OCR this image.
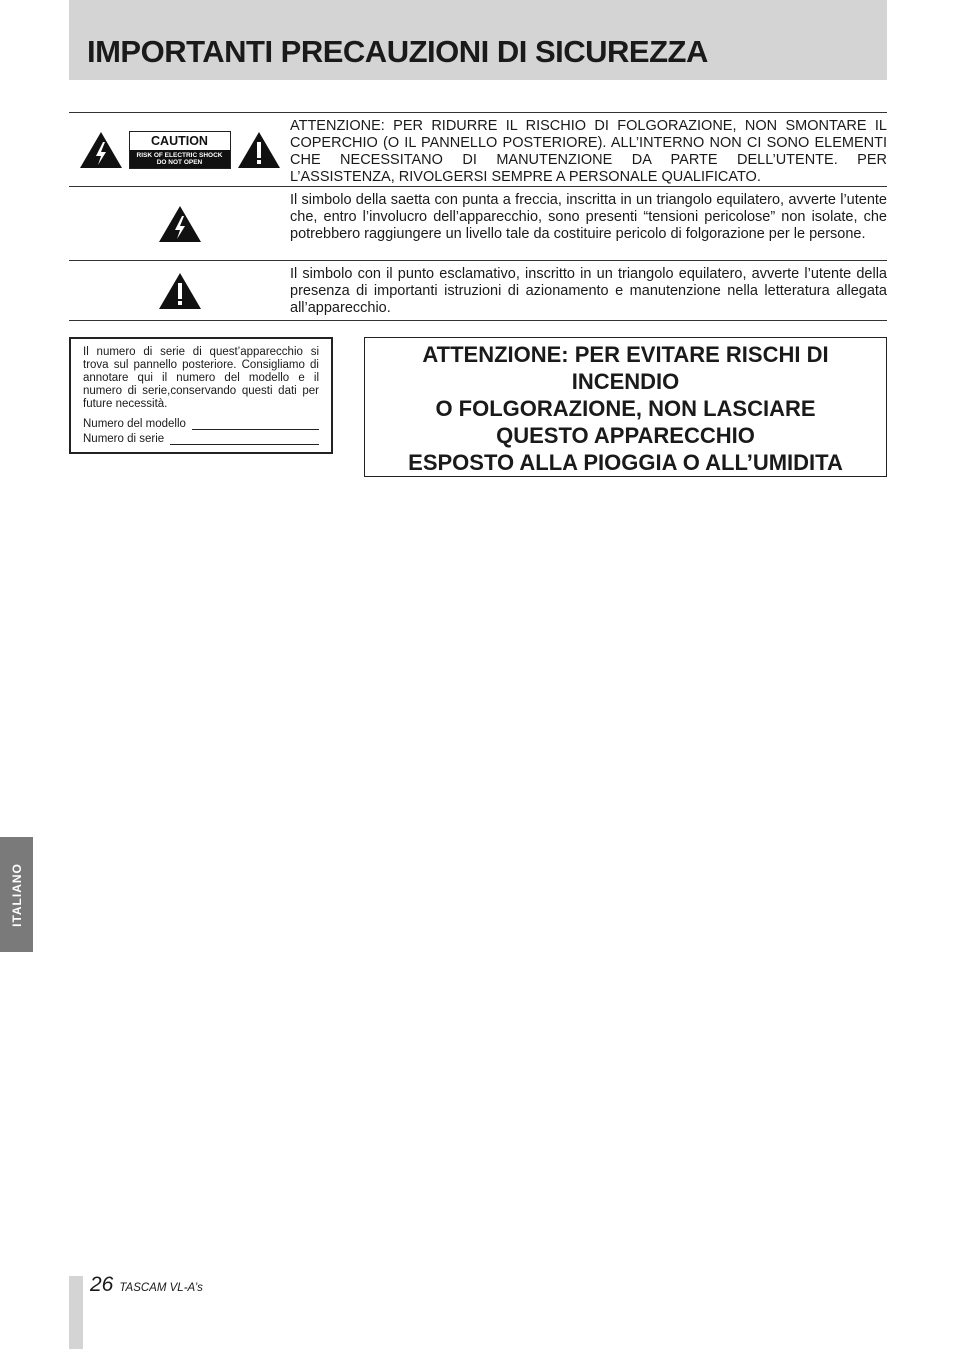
IMPORTANTI PRECAUZIONI DI SICUREZZA
CAUTION
RISK OF ELECTRIC SHOCK
DO NOT OPEN
ATTENZIONE: PER RIDURRE IL RISCHIO DI FOLGORAZIONE, NON SMONTARE IL COPERCHIO (O IL PANNELLO POSTERIORE). ALL’INTERNO NON CI SONO ELEMENTI CHE NECESSITANO DI MANUTENZIONE DA PARTE DELL’UTENTE. PER L’ASSISTENZA, RIVOLGERSI SEMPRE A PERSONALE QUALIFICATO.
Il simbolo della saetta con punta a freccia, inscritta in un triangolo equilatero, avverte l’utente che, entro l’involucro dell’apparecchio, sono presenti “tensioni pericolose” non isolate, che potrebbero raggiungere un livello tale da costituire pericolo di folgorazione per le persone.
Il simbolo con il punto esclamativo, inscritto in un triangolo equilatero, avverte l’utente della presenza di importanti istruzioni di azionamento e manutenzione nella letteratura allegata all’apparecchio.

Il numero di serie di quest’apparecchio si trova sul pannello posteriore. Consigliamo di annotare qui il numero del modello e il numero di serie,conservando questi dati per future necessità.

Numero del modello
Numero di serie
ATTENZIONE: PER EVITARE RISCHI DI
INCENDIO
O FOLGORAZIONE, NON LASCIARE
QUESTO APPARECCHIO
ESPOSTO ALLA PIOGGIA O ALL’UMIDITA
ITALIANO
26 TASCAM VL-A’s
